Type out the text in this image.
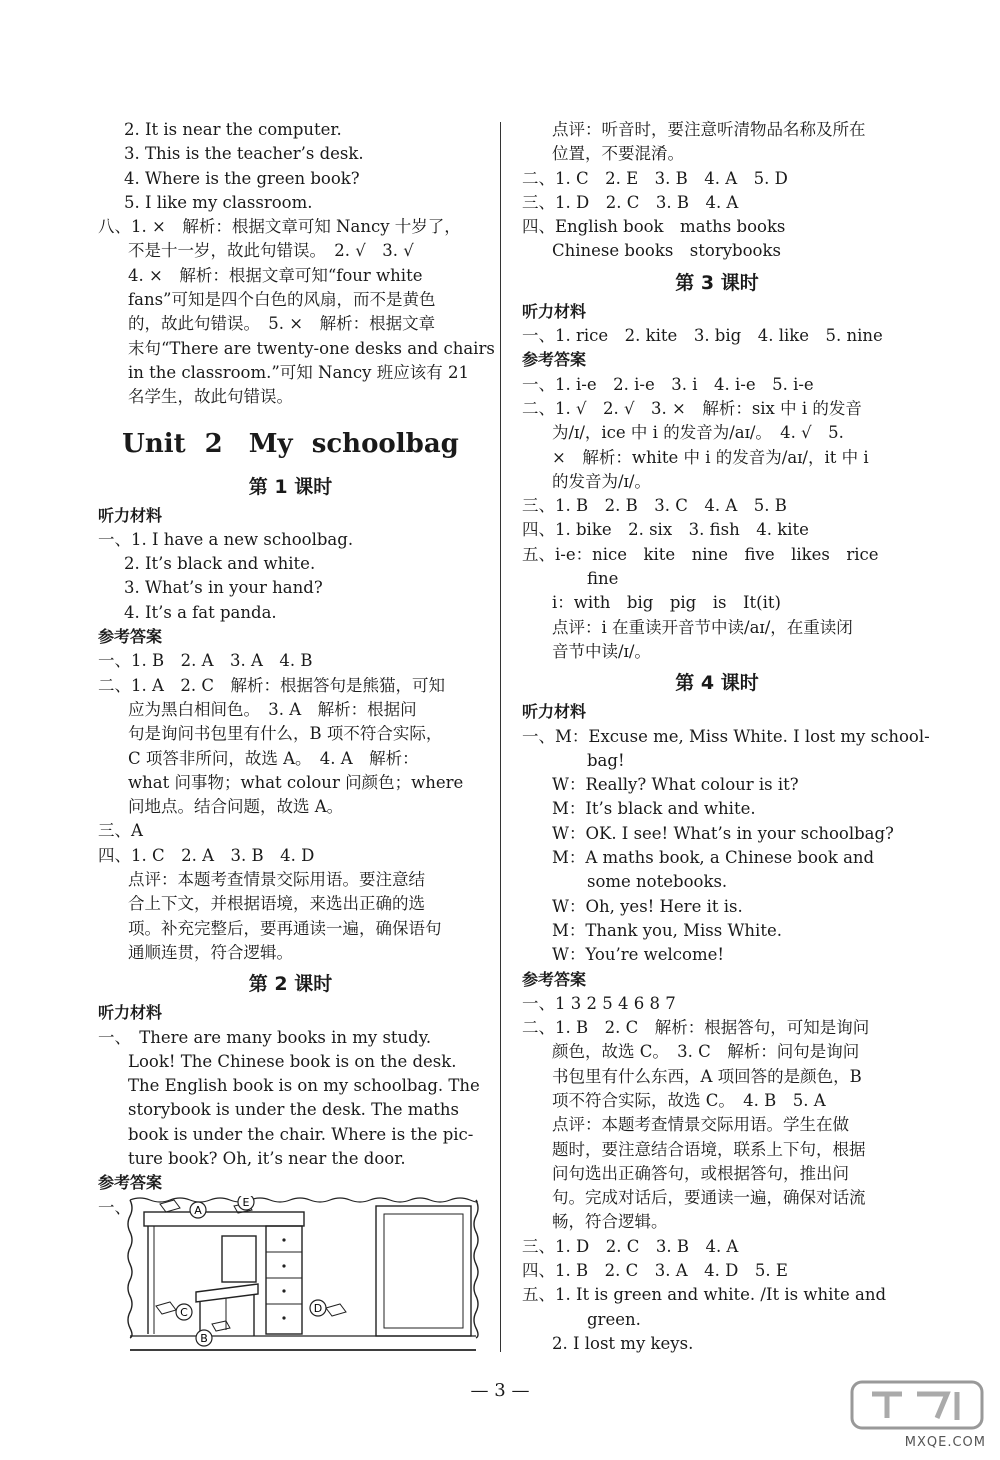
2. It is near the computer.
3. This is the teacher’s desk.
4. Where is the green book?
5. I like my classroom.
八、1. ×　解析：根据文章可知 Nancy 十岁了，
不是十一岁，故此句错误。　2. √　3. √
4. ×　解析：根据文章可知“four white
fans”可知是四个白色的风扇，而不是黄色
的，故此句错误。　5. ×　解析：根据文章
末句“There are twenty-one desks and chairs
in the classroom.”可知 Nancy 班应该有 21
名学生，故此句错误。
Unit 2　My schoolbag
第 1 课时
听力材料
一、1. I have a new schoolbag.
2. It’s black and white.
3. What’s in your hand?
4. It’s a fat panda.
参考答案
一、1. B　2. A　3. A　4. B
二、1. A　2. C　解析：根据答句是熊猫，可知
应为黑白相间色。　3. A　解析：根据问
句是询问书包里有什么，B 项不符合实际，
C 项答非所问，故选 A。　4. A　解析：
what 问事物；what colour 问颜色；where
问地点。结合问题，故选 A。
三、A
四、1. C　2. A　3. B　4. D
点评：本题考查情景交际用语。要注意结
合上下文，并根据语境，来选出正确的选
项。补充完整后，要再通读一遍，确保语句
通顺连贯，符合逻辑。
第 2 课时
听力材料
一、　There are many books in my study.
Look! The Chinese book is on the desk.
The English book is on my schoolbag. The
storybook is under the desk. The maths
book is under the chair. Where is the pic-
ture book? Oh, it’s near the door.
参考答案
一、	A
E
C	D
B
点评：听音时，要注意听清物品名称及所在
位置，不要混淆。
二、1. C　2. E　3. B　4. A　5. D
三、1. D　2. C　3. B　4. A
四、English book　maths books
Chinese books　storybooks
第 3 课时
听力材料
一、1. rice　2. kite　3. big　4. like　5. nine
参考答案
一、1. i-e　2. i-e　3. i　4. i-e　5. i-e
二、1. √　2. √　3. ×　解析：six 中 i 的发音
为/ɪ/，ice 中 i 的发音为/aɪ/。　4. √　5.
×　解析：white 中 i 的发音为/aɪ/，it 中 i
的发音为/ɪ/。
三、1. B　2. B　3. C　4. A　5. B
四、1. bike　2. six　3. fish　4. kite
五、i-e：nice　kite　nine　five　likes　rice
fine
i：with　big　pig　is　It(it)
点评：i 在重读开音节中读/aɪ/，在重读闭
音节中读/ɪ/。
第 4 课时
听力材料
一、M：Excuse me, Miss White. I lost my school-
bag!
W：Really? What colour is it?
M：It’s black and white.
W：OK. I see! What’s in your schoolbag?
M：A maths book, a Chinese book and
some notebooks.
W：Oh, yes! Here it is.
M：Thank you, Miss White.
W：You’re welcome!
参考答案
一、1 3 2 5 4 6 8 7
二、1. B　2. C　解析：根据答句，可知是询问
颜色，故选 C。　3. C　解析：问句是询问
书包里有什么东西，A 项回答的是颜色，B
项不符合实际，故选 C。　4. B　5. A
点评：本题考查情景交际用语。学生在做
题时，要注意结合语境，联系上下句，根据
问句选出正确答句，或根据答句，推出问
句。完成对话后，要通读一遍，确保对话流
畅，符合逻辑。
三、1. D　2. C　3. B　4. A
四、1. B　2. C　3. A　4. D　5. E
五、1. It is green and white. /It is white and
green.
2. I lost my keys.
— 3 —
MXQE.COM
